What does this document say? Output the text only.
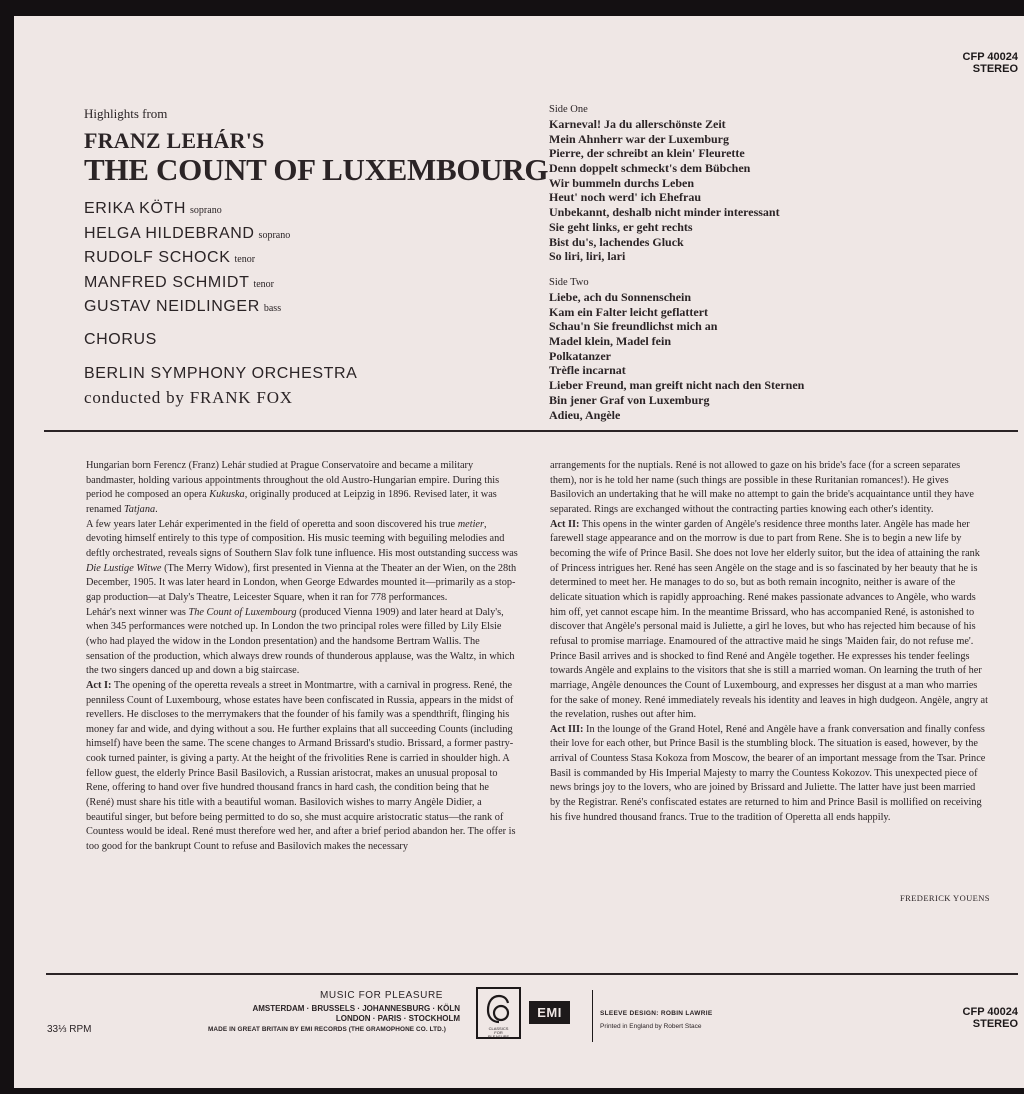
CFP 40024
STEREO
Highlights from
FRANZ LEHÁR'S
THE COUNT OF LUXEMBOURG
ERIKA KÖTH soprano
HELGA HILDEBRAND soprano
RUDOLF SCHOCK tenor
MANFRED SCHMIDT tenor
GUSTAV NEIDLINGER bass
CHORUS
BERLIN SYMPHONY ORCHESTRA
conducted by FRANK FOX
Side One
Karneval! Ja du allerschönste Zeit
Mein Ahnherr war der Luxemburg
Pierre, der schreibt an klein' Fleurette
Denn doppelt schmeckt's dem Bübchen
Wir bummeln durchs Leben
Heut' noch werd' ich Ehefrau
Unbekannt, deshalb nicht minder interessant
Sie geht links, er geht rechts
Bist du's, lachendes Gluck
So liri, liri, lari
Side Two
Liebe, ach du Sonnenschein
Kam ein Falter leicht geflattert
Schau'n Sie freundlichst mich an
Madel klein, Madel fein
Polkatanzer
Trèfle incarnat
Lieber Freund, man greift nicht nach den Sternen
Bin jener Graf von Luxemburg
Adieu, Angèle

Hungarian born Ferencz (Franz) Lehár studied at Prague Conservatoire and became a military bandmaster, holding various appointments throughout the old Austro-Hungarian empire. During this period he composed an opera Kukuska, originally produced at Leipzig in 1896. Revised later, it was renamed Tatjana.

A few years later Lehár experimented in the field of operetta and soon discovered his true metier, devoting himself entirely to this type of composition. His music teeming with beguiling melodies and deftly orchestrated, reveals signs of Southern Slav folk tune influence. His most outstanding success was Die Lustige Witwe (The Merry Widow), first presented in Vienna at the Theater an der Wien, on the 28th December, 1905. It was later heard in London, when George Edwardes mounted it—primarily as a stop-gap production—at Daly's Theatre, Leicester Square, when it ran for 778 performances.

Lehár's next winner was The Count of Luxembourg (produced Vienna 1909) and later heard at Daly's, when 345 performances were notched up. In London the two principal roles were filled by Lily Elsie (who had played the widow in the London presentation) and the handsome Bertram Wallis. The sensation of the production, which always drew rounds of thunderous applause, was the Waltz, in which the two singers danced up and down a big staircase.

Act I: The opening of the operetta reveals a street in Montmartre, with a carnival in progress. René, the penniless Count of Luxembourg, whose estates have been confiscated in Russia, appears in the midst of revellers. He discloses to the merrymakers that the founder of his family was a spendthrift, flinging his money far and wide, and dying without a sou. He further explains that all succeeding Counts (including himself) have been the same. The scene changes to Armand Brissard's studio. Brissard, a former pastry-cook turned painter, is giving a party. At the height of the frivolities Rene is carried in shoulder high. A fellow guest, the elderly Prince Basil Basilovich, a Russian aristocrat, makes an unusual proposal to Rene, offering to hand over five hundred thousand francs in hard cash, the condition being that he (René) must share his title with a beautiful woman. Basilovich wishes to marry Angèle Didier, a beautiful singer, but before being permitted to do so, she must acquire aristocratic status—the rank of Countess would be ideal. René must therefore wed her, and after a brief period abandon her. The offer is too good for the bankrupt Count to refuse and Basilovich makes the necessary

arrangements for the nuptials. René is not allowed to gaze on his bride's face (for a screen separates them), nor is he told her name (such things are possible in these Ruritanian romances!). He gives Basilovich an undertaking that he will make no attempt to gain the bride's acquaintance until they have separated. Rings are exchanged without the contracting parties knowing each other's identity.

Act II: This opens in the winter garden of Angèle's residence three months later. Angèle has made her farewell stage appearance and on the morrow is due to part from Rene. She is to begin a new life by becoming the wife of Prince Basil. She does not love her elderly suitor, but the idea of attaining the rank of Princess intrigues her. René has seen Angèle on the stage and is so fascinated by her beauty that he is determined to meet her. He manages to do so, but as both remain incognito, neither is aware of the delicate situation which is rapidly approaching. René makes passionate advances to Angèle, who wards him off, yet cannot escape him. In the meantime Brissard, who has accompanied René, is astonished to discover that Angèle's personal maid is Juliette, a girl he loves, but who has rejected him because of his refusal to promise marriage. Enamoured of the attractive maid he sings 'Maiden fair, do not refuse me'. Prince Basil arrives and is shocked to find René and Angèle together. He expresses his tender feelings towards Angèle and explains to the visitors that she is still a married woman. On learning the truth of her marriage, Angèle denounces the Count of Luxembourg, and expresses her disgust at a man who marries for the sake of money. René immediately reveals his identity and leaves in high dudgeon. Angèle, angry at the revelation, rushes out after him.

Act III: In the lounge of the Grand Hotel, René and Angèle have a frank conversation and finally confess their love for each other, but Prince Basil is the stumbling block. The situation is eased, however, by the arrival of Countess Stasa Kokoza from Moscow, the bearer of an important message from the Tsar. Prince Basil is commanded by His Imperial Majesty to marry the Countess Kokozov. This unexpected piece of news brings joy to the lovers, who are joined by Brissard and Juliette. The latter have just been married by the Registrar. René's confiscated estates are returned to him and Prince Basil is mollified on receiving his five hundred thousand francs. True to the tradition of Operetta all ends happily.

FREDERICK YOUENS
MUSIC FOR PLEASURE
AMSTERDAM · BRUSSELS · JOHANNESBURG · KÖLN
LONDON · PARIS · STOCKHOLM
MADE IN GREAT BRITAIN BY EMI RECORDS (THE GRAMOPHONE CO. LTD.)
33⅓ RPM	CLASSICS
FOR
PLEASURE
EMI	SLEEVE DESIGN: ROBIN LAWRIE
Printed in England by Robert Stace
CFP 40024
STEREO
